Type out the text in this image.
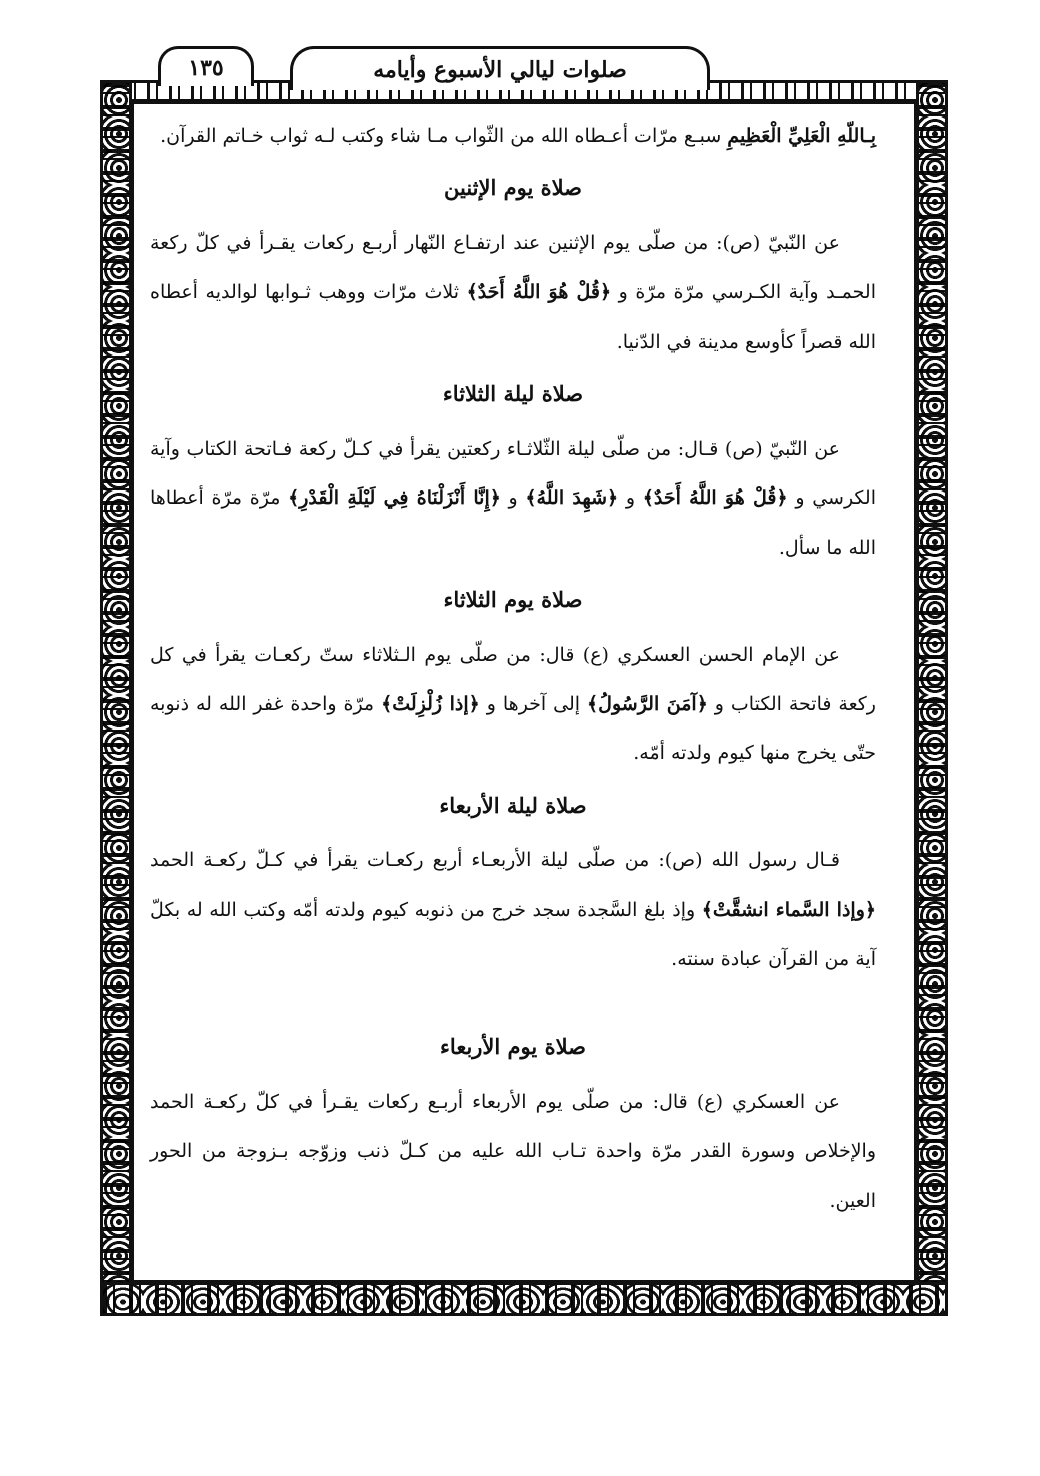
صلوات ليالي الأسبوع وأيامه
١٣٥

بِـاللّهِ الْعَلِيِّ الْعَظِيمِ سبـع مرّات أعـطاه الله من الثّواب مـا شاء وكتب لـه ثواب خـاتم القرآن.

صلاة يوم الإثنين

عن النّبيّ (ص): من صلّى يوم الإثنين عند ارتفـاع النّهار أربـع ركعات يقـرأ في كلّ ركعة الحمـد وآية الكـرسي مرّة مرّة و ﴿قُلْ هُوَ اللَّهُ أَحَدٌ﴾ ثلاث مرّات ووهب ثـوابها لوالديه أعطاه الله قصراً كأوسع مدينة في الدّنيا.

صلاة ليلة الثلاثاء

عن النّبيّ (ص) قـال: من صلّى ليلة الثّلاثـاء ركعتين يقرأ في كـلّ ركعة فـاتحة الكتاب وآية الكرسي و ﴿قُلْ هُوَ اللَّهُ أَحَدٌ﴾ و ﴿شَهِدَ اللَّهُ﴾ و ﴿إِنَّا أَنْزَلْنَاهُ فِي لَيْلَةِ الْقَدْرِ﴾ مرّة مرّة أعطاها الله ما سأل.

صلاة يوم الثلاثاء

عن الإمام الحسن العسكري (ع) قال: من صلّى يوم الـثلاثاء ستّ ركعـات يقرأ في كل ركعة فاتحة الكتاب و ﴿آمَنَ الرَّسُولُ﴾ إلى آخرها و ﴿إذا زُلْزِلَتْ﴾ مرّة واحدة غفر الله له ذنوبه حتّى يخرج منها كيوم ولدته أمّه.

صلاة ليلة الأربعاء

قـال رسول الله (ص): من صلّى ليلة الأربعـاء أربع ركعـات يقرأ في كـلّ ركعـة الحمد ﴿وإذا السَّماء انشقَّتْ﴾ وإذ بلغ السَّجدة سجد خرج من ذنوبه كيوم ولدته أمّه وكتب الله له بكلّ آية من القرآن عبادة سنته.

صلاة يوم الأربعاء

عن العسكري (ع) قال: من صلّى يوم الأربعاء أربـع ركعات يقـرأ في كلّ ركعـة الحمد والإخلاص وسورة القدر مرّة واحدة تـاب الله عليه من كـلّ ذنب وزوّجه بـزوجة من الحور العين.
